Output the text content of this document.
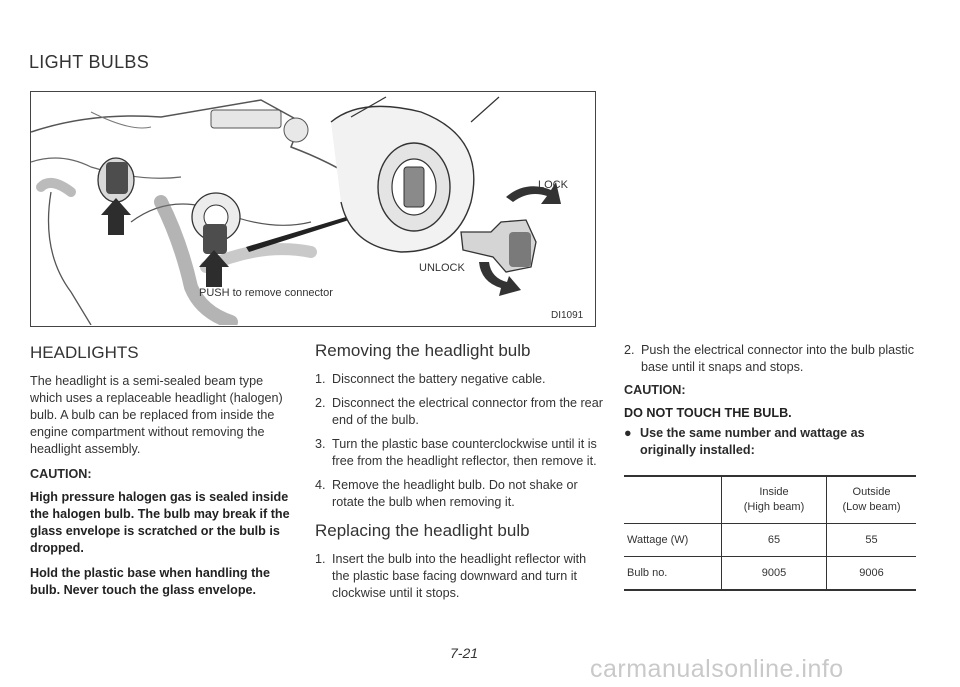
LIGHT BULBS
LOCK
UNLOCK
PUSH to remove connector
DI1091
HEADLIGHTS

The headlight is a semi-sealed beam type which uses a replaceable headlight (halogen) bulb. A bulb can be replaced from inside the engine compartment without removing the headlight assembly.

CAUTION:

High pressure halogen gas is sealed inside the halogen bulb. The bulb may break if the glass envelope is scratched or the bulb is dropped.

Hold the plastic base when handling the bulb. Never touch the glass envelope.

Removing the headlight bulb
1. Disconnect the battery negative cable.
2. Disconnect the electrical connector from the rear end of the bulb.
3. Turn the plastic base counterclockwise until it is free from the headlight reflector, then remove it.
4. Remove the headlight bulb. Do not shake or rotate the bulb when removing it.
Replacing the headlight bulb
1. Insert the bulb into the headlight reflector with the plastic base facing downward and turn it clockwise until it stops.
2. Push the electrical connector into the bulb plastic base until it snaps and stops.

CAUTION:

DO NOT TOUCH THE BULB.

● Use the same number and wattage as originally installed:
	Inside
(High beam)	Outside
(Low beam)
Wattage (W)	65	55
Bulb no.	9005	9006
7-21
carmanualsonline.info
